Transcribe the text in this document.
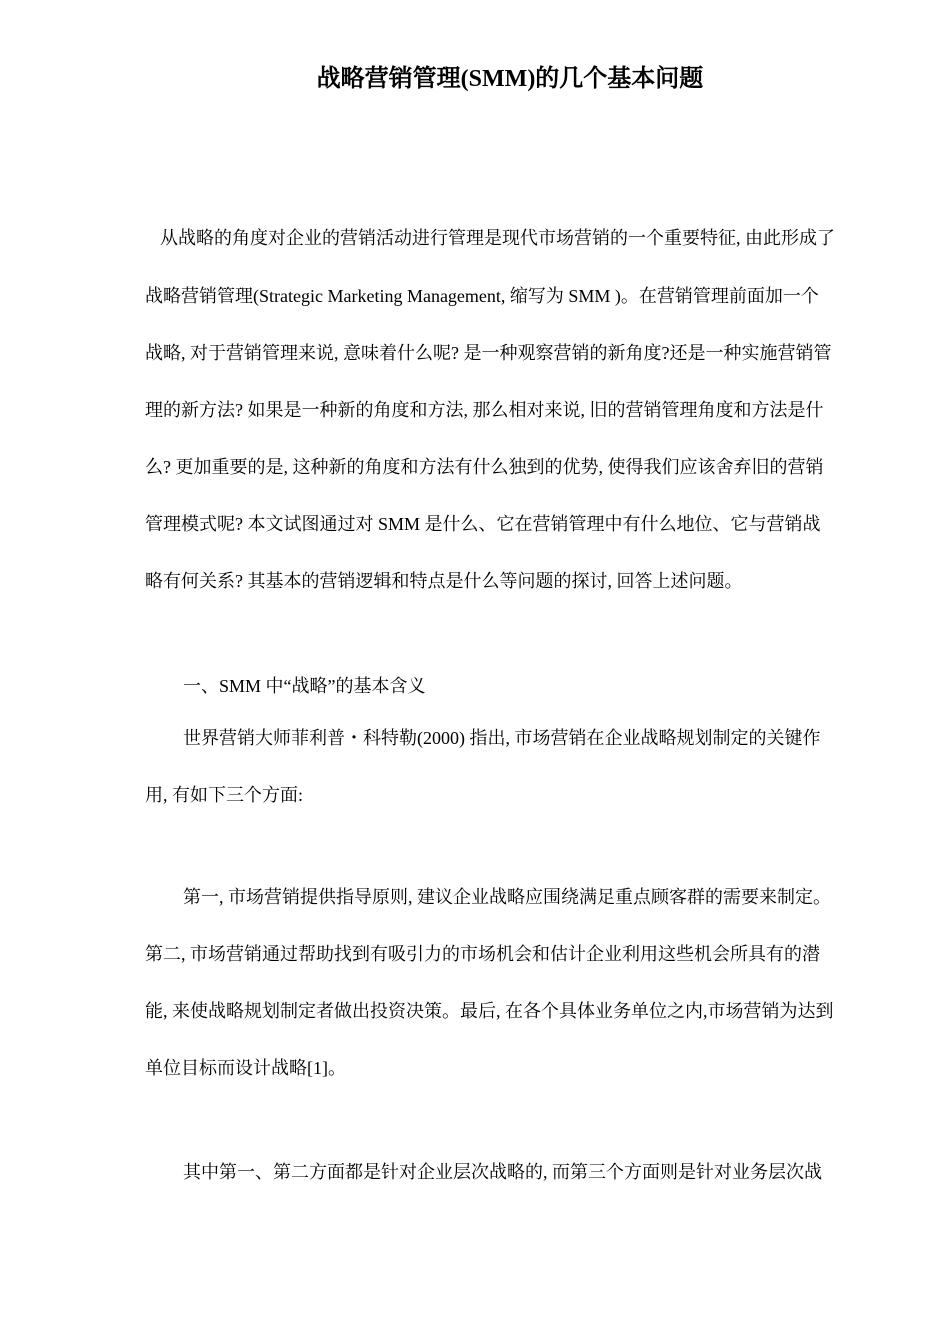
战略营销管理(SMM)的几个基本问题
从战略的角度对企业的营销活动进行管理是现代市场营销的一个重要特征, 由此形成了
战略营销管理(Strategic Marketing Management, 缩写为 SMM )。在营销管理前面加一个
战略, 对于营销管理来说, 意味着什么呢? 是一种观察营销的新角度?还是一种实施营销管
理的新方法? 如果是一种新的角度和方法, 那么相对来说, 旧的营销管理角度和方法是什
么? 更加重要的是, 这种新的角度和方法有什么独到的优势, 使得我们应该舍弃旧的营销
管理模式呢? 本文试图通过对 SMM 是什么、它在营销管理中有什么地位、它与营销战
略有何关系? 其基本的营销逻辑和特点是什么等问题的探讨, 回答上述问题。
一、SMM 中“战略”的基本含义
世界营销大师菲利普・科特勒(2000) 指出, 市场营销在企业战略规划制定的关键作
用, 有如下三个方面:
第一, 市场营销提供指导原则, 建议企业战略应围绕满足重点顾客群的需要来制定。
第二, 市场营销通过帮助找到有吸引力的市场机会和估计企业利用这些机会所具有的潜
能, 来使战略规划制定者做出投资决策。最后, 在各个具体业务单位之内,市场营销为达到
单位目标而设计战略[1]。
其中第一、第二方面都是针对企业层次战略的, 而第三个方面则是针对业务层次战
